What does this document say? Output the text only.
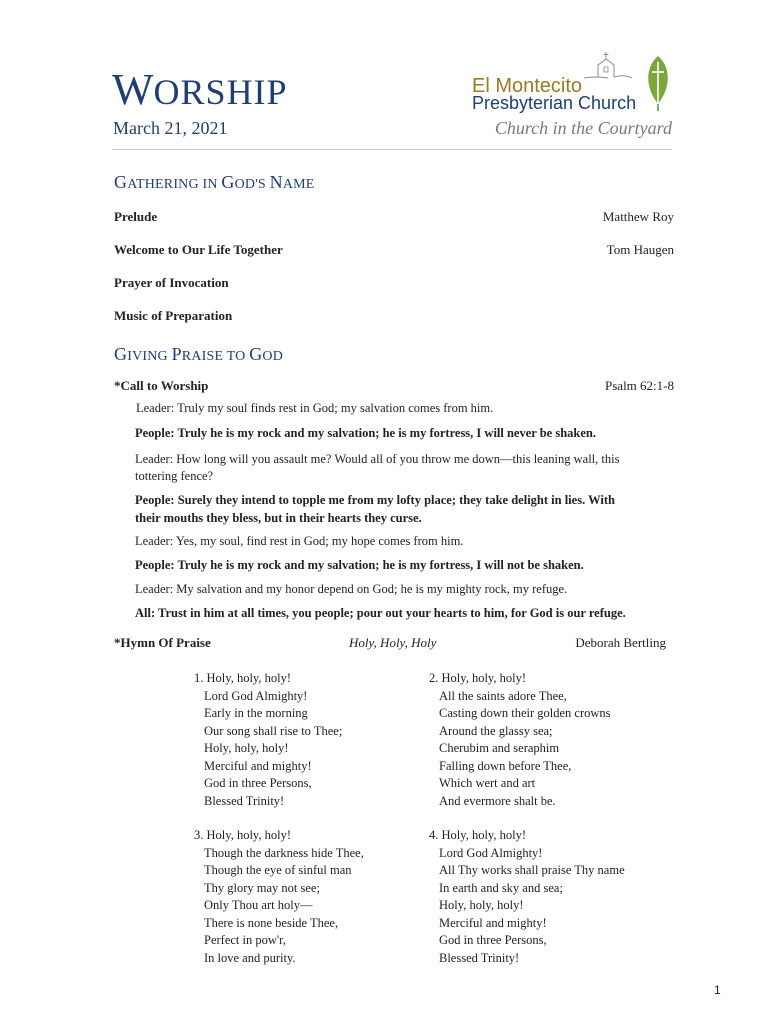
WORSHIP
March 21, 2021
El Montecito
Presbyterian Church
Church in the Courtyard
GATHERING IN GOD'S NAME
Prelude	Matthew Roy
Welcome to Our Life Together	Tom Haugen
Prayer of Invocation
Music of Preparation
GIVING PRAISE TO GOD
*Call to Worship	Psalm 62:1-8
Leader: Truly my soul finds rest in God; my salvation comes from him.
People: Truly he is my rock and my salvation; he is my fortress, I will never be shaken.
Leader: How long will you assault me? Would all of you throw me down—this leaning wall, this
tottering fence?
People: Surely they intend to topple me from my lofty place; they take delight in lies. With
their mouths they bless, but in their hearts they curse.
Leader: Yes, my soul, find rest in God; my hope comes from him.
People: Truly he is my rock and my salvation; he is my fortress, I will not be shaken.
Leader: My salvation and my honor depend on God; he is my mighty rock, my refuge.
All: Trust in him at all times, you people; pour out your hearts to him, for God is our refuge.
*Hymn Of Praise	Holy, Holy, Holy	Deborah Bertling
1. Holy, holy, holy!
Lord God Almighty!
Early in the morning
Our song shall rise to Thee;
Holy, holy, holy!
Merciful and mighty!
God in three Persons,
Blessed Trinity!
2. Holy, holy, holy!
All the saints adore Thee,
Casting down their golden crowns
Around the glassy sea;
Cherubim and seraphim
Falling down before Thee,
Which wert and art
And evermore shalt be.
3. Holy, holy, holy!
Though the darkness hide Thee,
Though the eye of sinful man
Thy glory may not see;
Only Thou art holy—
There is none beside Thee,
Perfect in pow'r,
In love and purity.
4. Holy, holy, holy!
Lord God Almighty!
All Thy works shall praise Thy name
In earth and sky and sea;
Holy, holy, holy!
Merciful and mighty!
God in three Persons,
Blessed Trinity!
1
